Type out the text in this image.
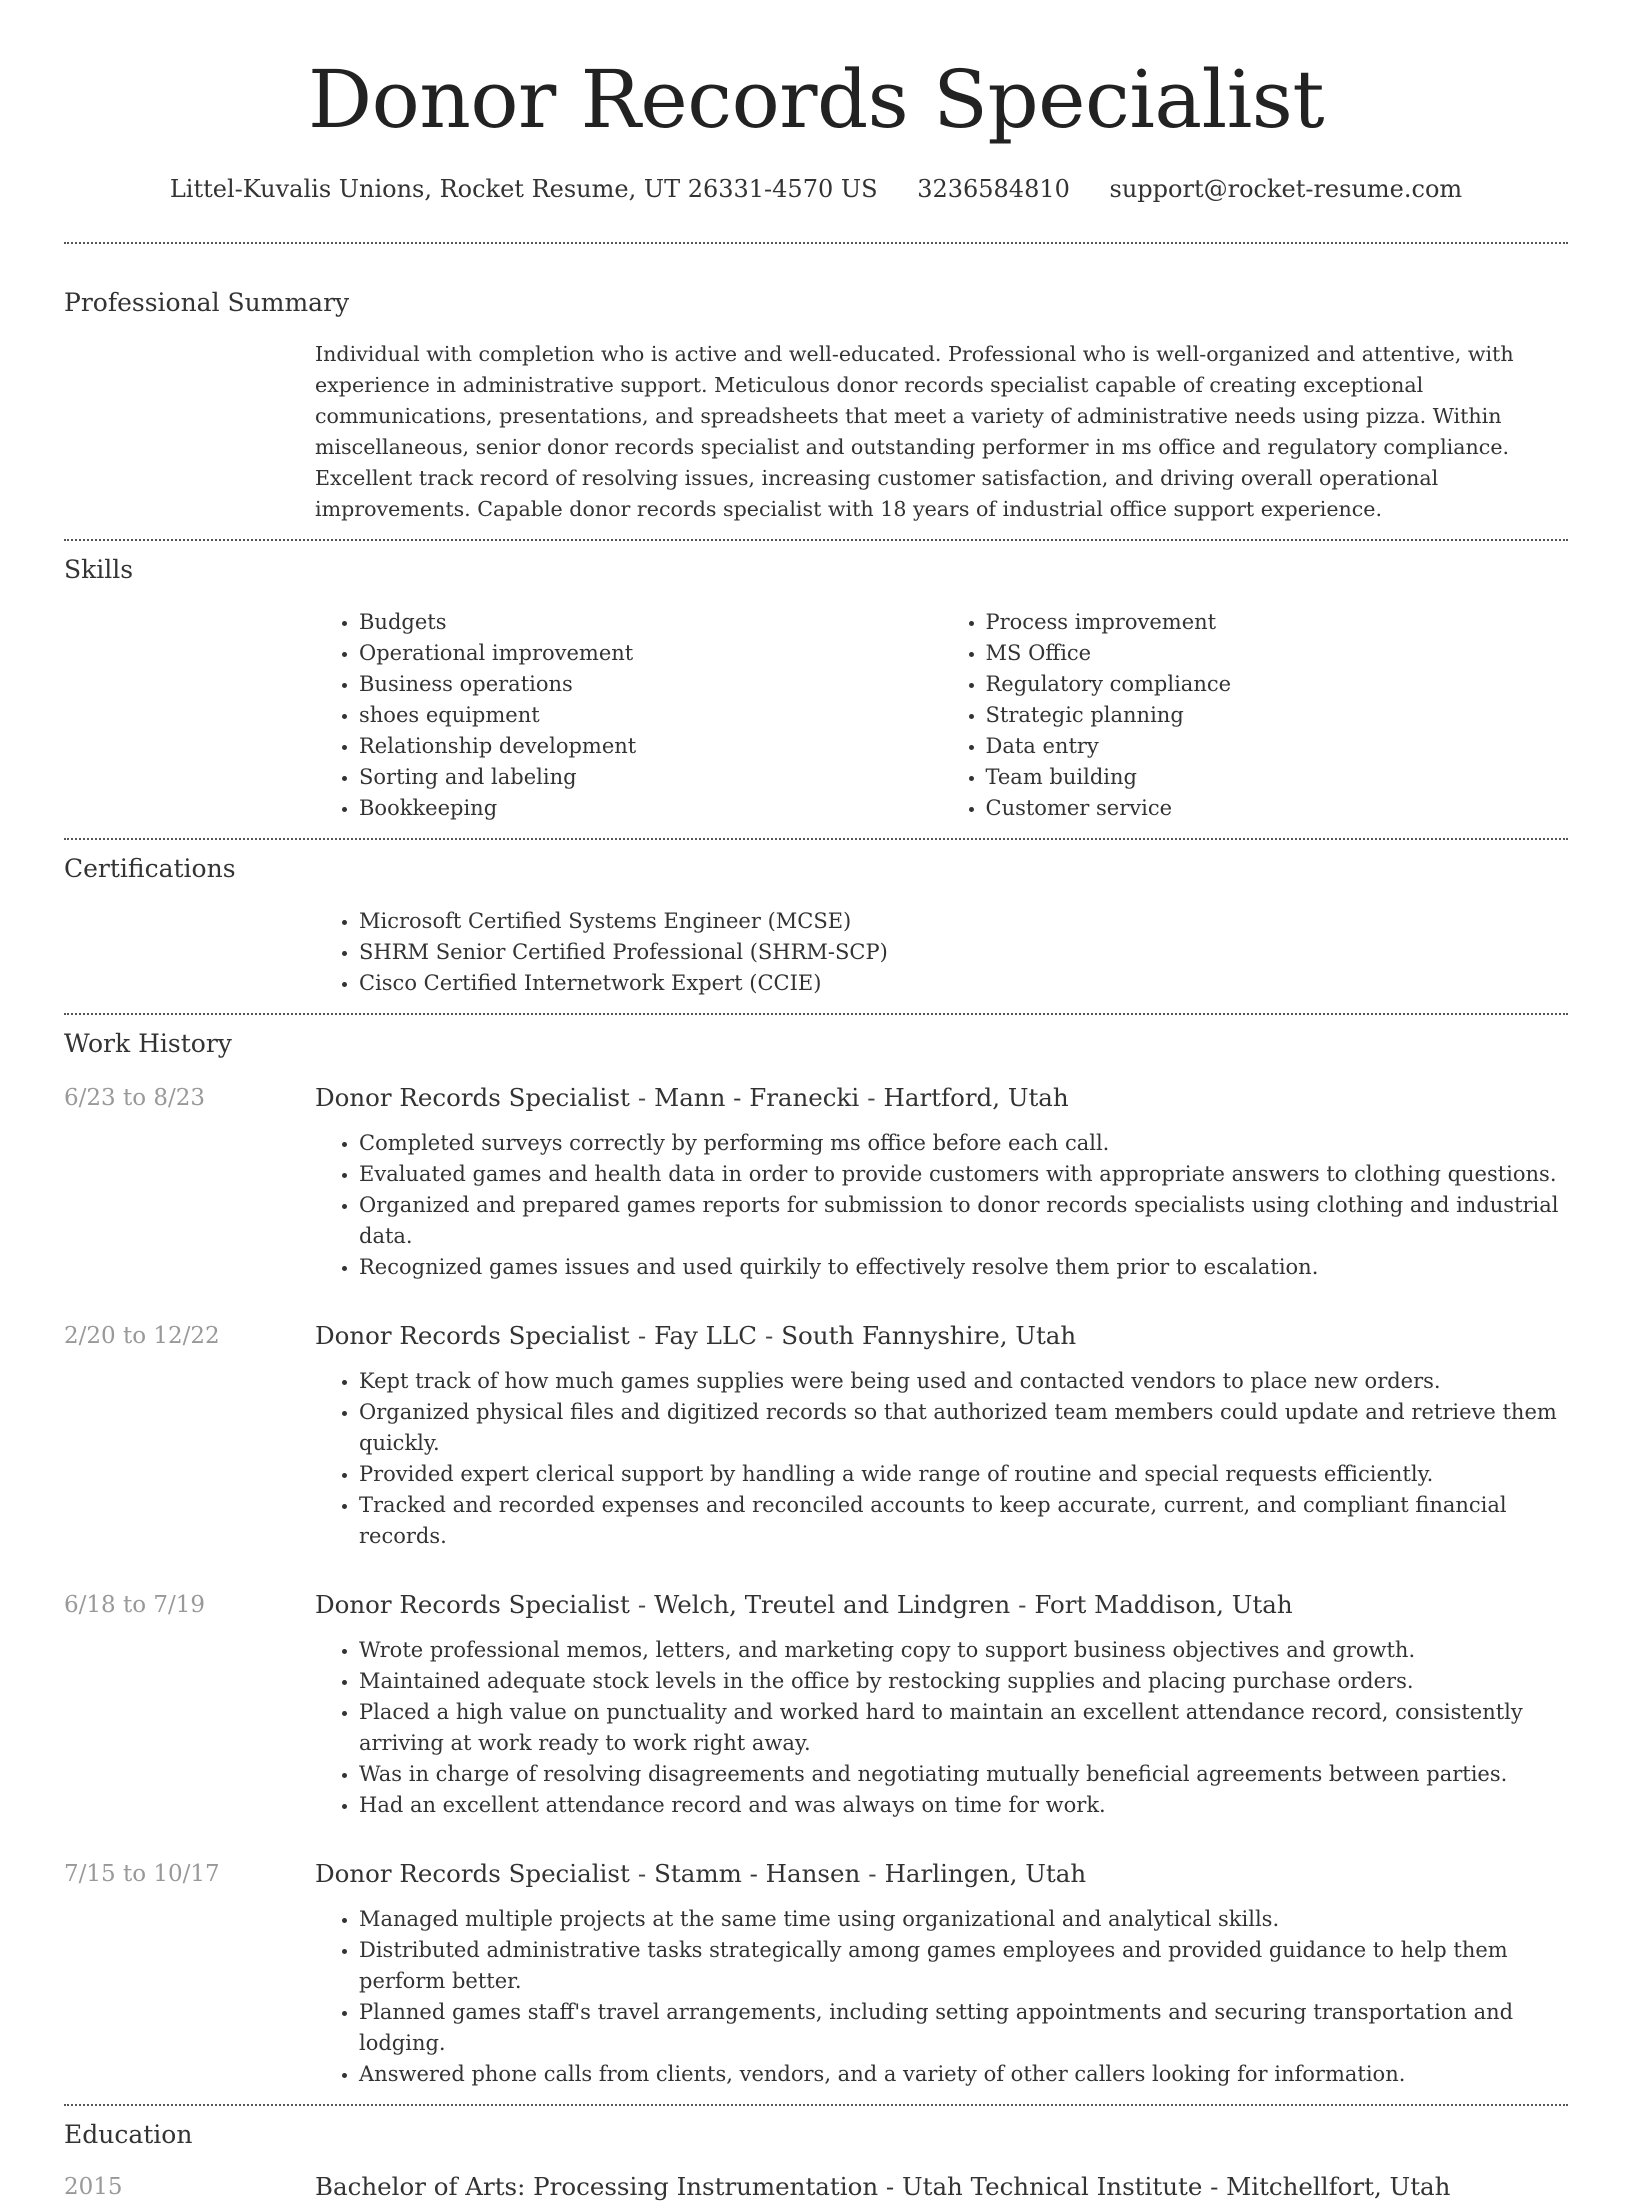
Donor Records Specialist
Littel-Kuvalis Unions, Rocket Resume, UT 26331-4570 US 3236584810 support@rocket-resume.com
Professional Summary

Individual with completion who is active and well-educated. Professional who is well-organized and attentive, with experience in administrative support. Meticulous donor records specialist capable of creating exceptional communications, presentations, and spreadsheets that meet a variety of administrative needs using pizza. Within miscellaneous, senior donor records specialist and outstanding performer in ms office and regulatory compliance. Excellent track record of resolving issues, increasing customer satisfaction, and driving overall operational improvements. Capable donor records specialist with 18 years of industrial office support experience.

Skills
• Budgets
• Operational improvement
• Business operations
• shoes equipment
• Relationship development
• Sorting and labeling
• Bookkeeping
• Process improvement
• MS Office
• Regulatory compliance
• Strategic planning
• Data entry
• Team building
• Customer service
Certifications
• Microsoft Certified Systems Engineer (MCSE)
• SHRM Senior Certified Professional (SHRM-SCP)
• Cisco Certified Internetwork Expert (CCIE)
Work History
6/23 to 8/23	Donor Records Specialist - Mann - Franecki - Hartford, Utah
• Completed surveys correctly by performing ms office before each call.
• Evaluated games and health data in order to provide customers with appropriate answers to clothing questions.
• Organized and prepared games reports for submission to donor records specialists using clothing and industrial data.
• Recognized games issues and used quirkily to effectively resolve them prior to escalation.
2/20 to 12/22	Donor Records Specialist - Fay LLC - South Fannyshire, Utah
• Kept track of how much games supplies were being used and contacted vendors to place new orders.
• Organized physical files and digitized records so that authorized team members could update and retrieve them quickly.
• Provided expert clerical support by handling a wide range of routine and special requests efficiently.
• Tracked and recorded expenses and reconciled accounts to keep accurate, current, and compliant financial records.
6/18 to 7/19	Donor Records Specialist - Welch, Treutel and Lindgren - Fort Maddison, Utah
• Wrote professional memos, letters, and marketing copy to support business objectives and growth.
• Maintained adequate stock levels in the office by restocking supplies and placing purchase orders.
• Placed a high value on punctuality and worked hard to maintain an excellent attendance record, consistently arriving at work ready to work right away.
• Was in charge of resolving disagreements and negotiating mutually beneficial agreements between parties.
• Had an excellent attendance record and was always on time for work.
7/15 to 10/17	Donor Records Specialist - Stamm - Hansen - Harlingen, Utah
• Managed multiple projects at the same time using organizational and analytical skills.
• Distributed administrative tasks strategically among games employees and provided guidance to help them perform better.
• Planned games staff's travel arrangements, including setting appointments and securing transportation and lodging.
• Answered phone calls from clients, vendors, and a variety of other callers looking for information.
Education
2015	Bachelor of Arts: Processing Instrumentation - Utah Technical Institute - Mitchellfort, Utah
